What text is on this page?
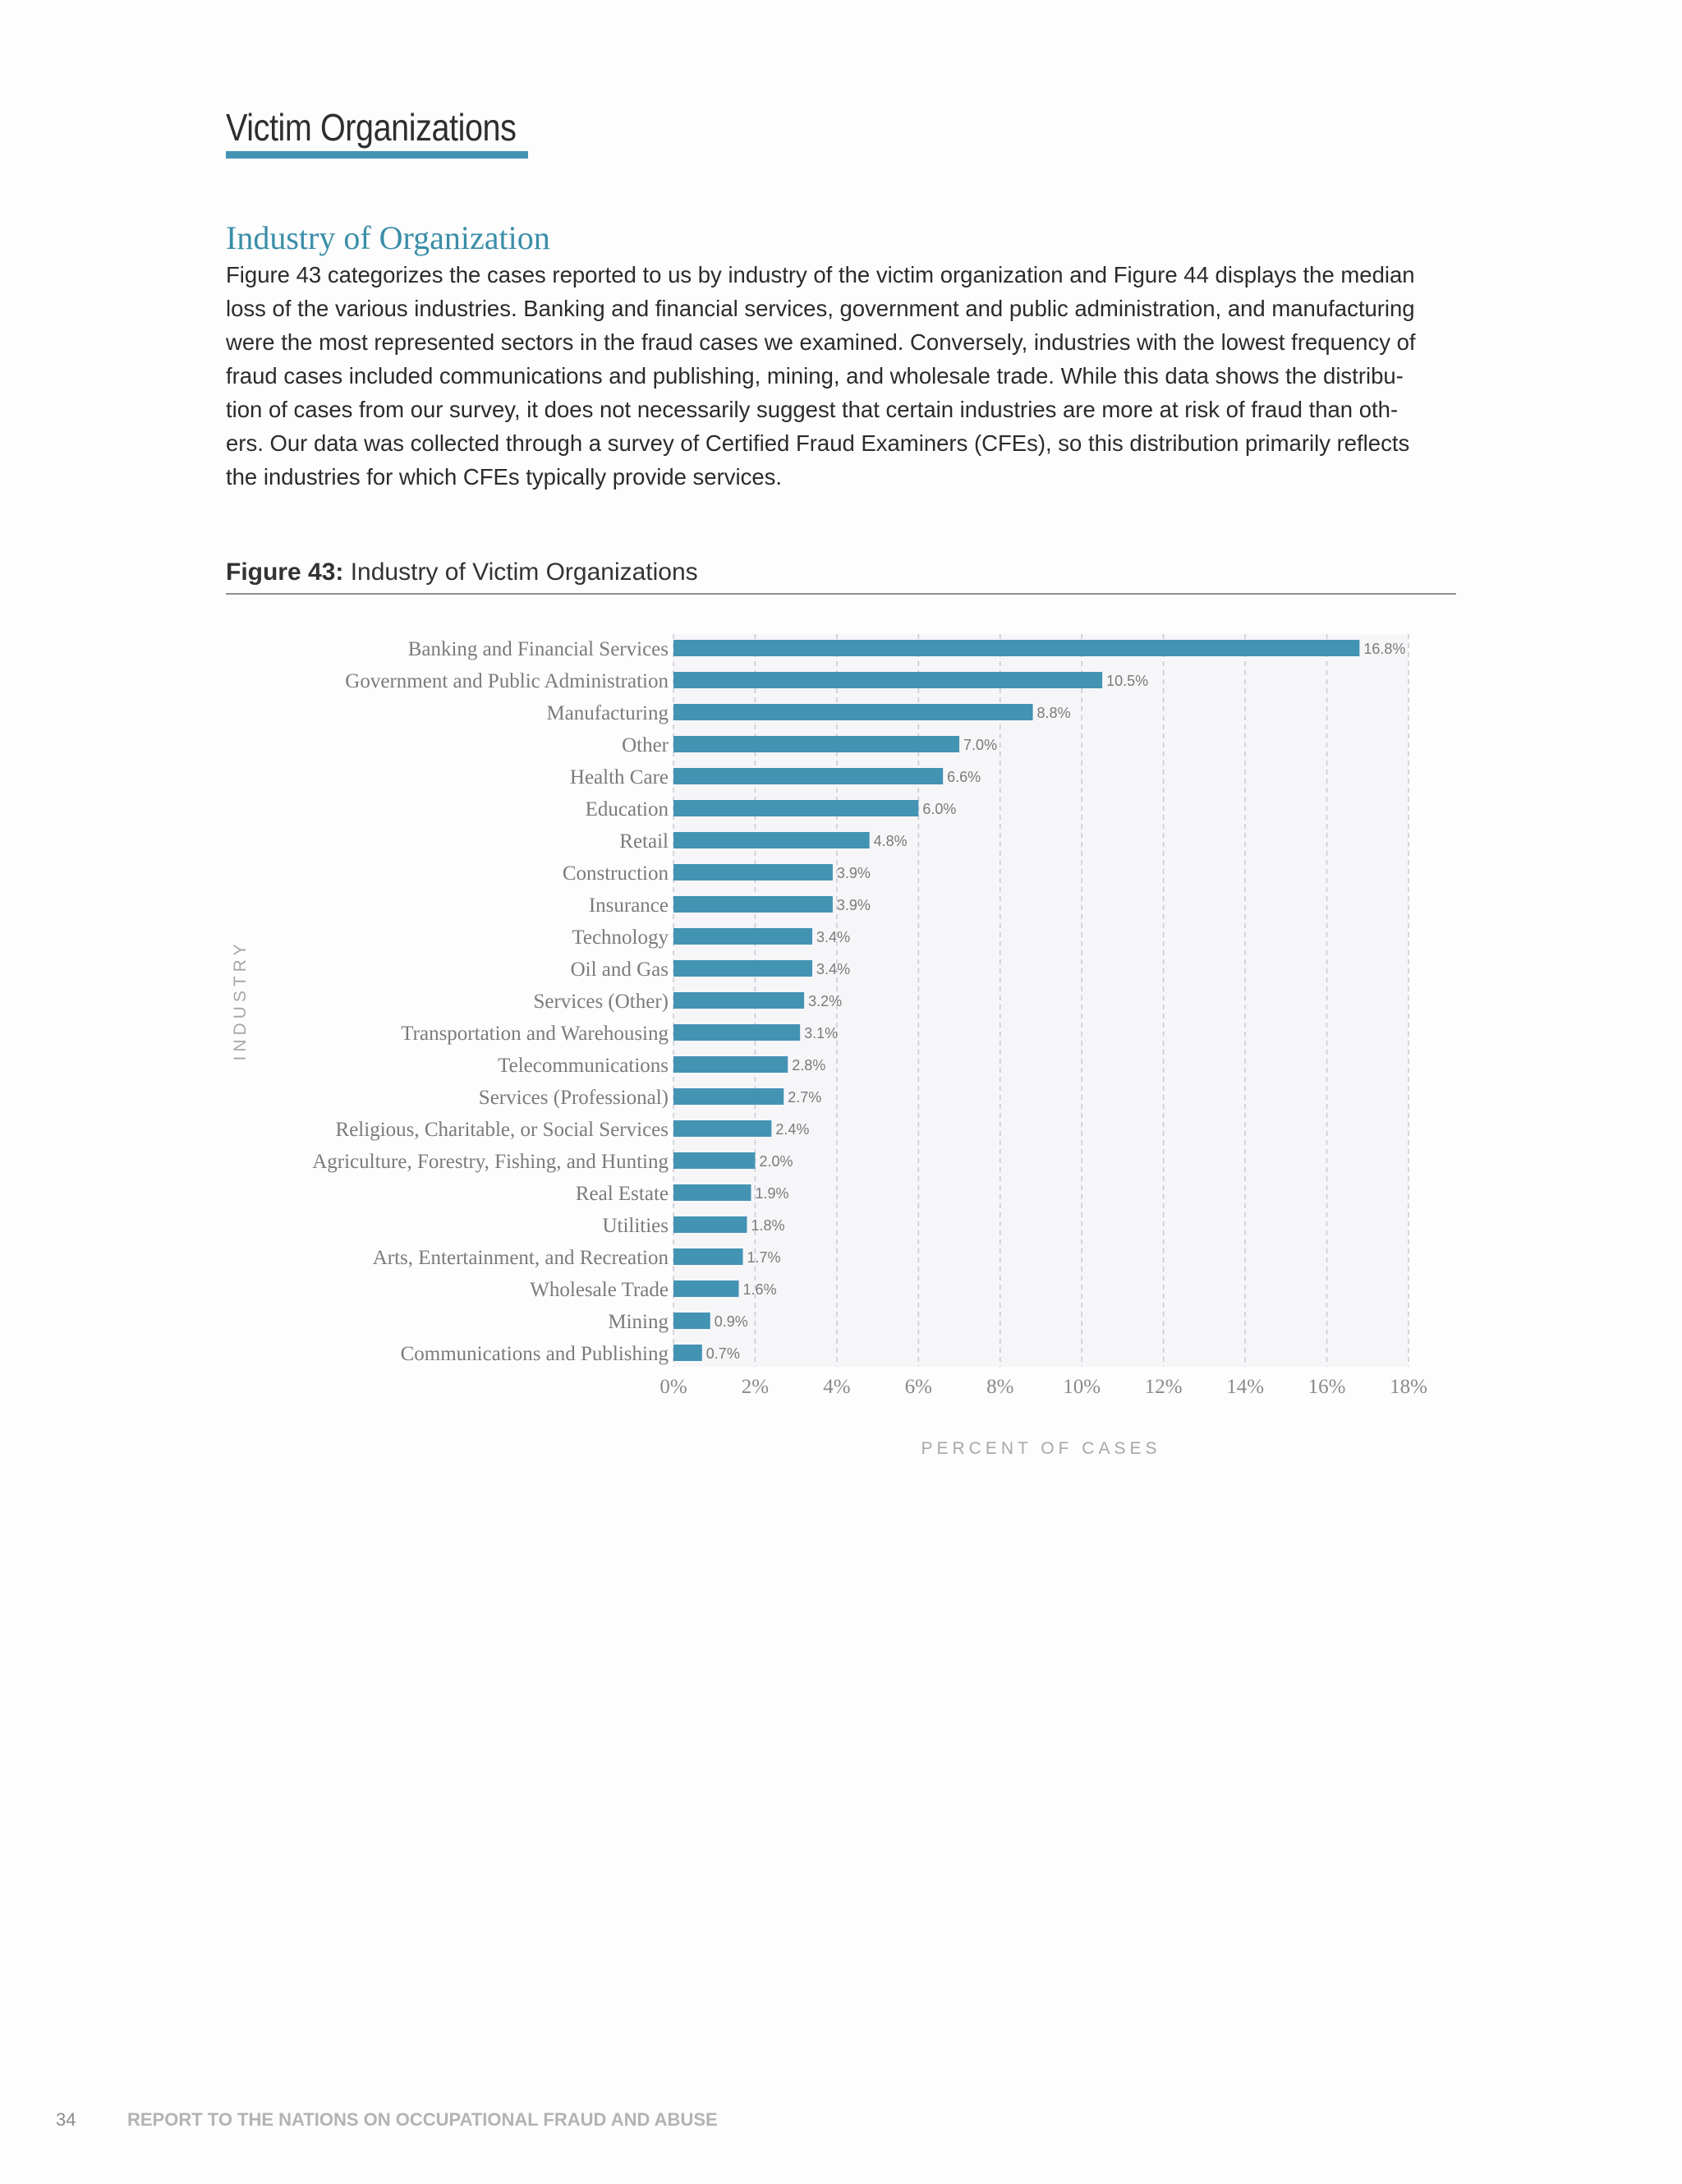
Victim Organizations
Industry of Organization

Figure 43 categorizes the cases reported to us by industry of the victim organization and Figure 44 displays the median
loss of the various industries. Banking and financial services, government and public administration, and manufacturing
were the most represented sectors in the fraud cases we examined. Conversely, industries with the lowest frequency of
fraud cases included communications and publishing, mining, and wholesale trade. While this data shows the distribu-
tion of cases from our survey, it does not necessarily suggest that certain industries are more at risk of fraud than oth-
ers. Our data was collected through a survey of Certified Fraud Examiners (CFEs), so this distribution primarily reflects
the industries for which CFEs typically provide services.

Figure 43: Industry of Victim Organizations
Banking and Financial Services
Government and Public Administration
Manufacturing
Other
Health Care
Education
Retail
Construction
Insurance
Technology
Oil and Gas
Services (Other)
Transportation and Warehousing
Telecommunications
Services (Professional)
Religious, Charitable, or Social Services
Agriculture, Forestry, Fishing, and Hunting
Real Estate
Utilities
Arts, Entertainment, and Recreation
Wholesale Trade
Mining
Communications and Publishing
16.8%
10.5%
8.8%
7.0%
6.6%
6.0%
4.8%
3.9%
3.9%
3.4%
3.4%
3.2%
3.1%
2.8%
2.7%
2.4%
2.0%
1.9%
1.8%
1.7%
1.6%
0.9%
0.7%
0%	2%	4%	6%	8% 10% 12% 14% 16% 18%
INDUSTRY
PERCENT OF CASES
34	REPORT TO THE NATIONS ON OCCUPATIONAL FRAUD AND ABUSE
